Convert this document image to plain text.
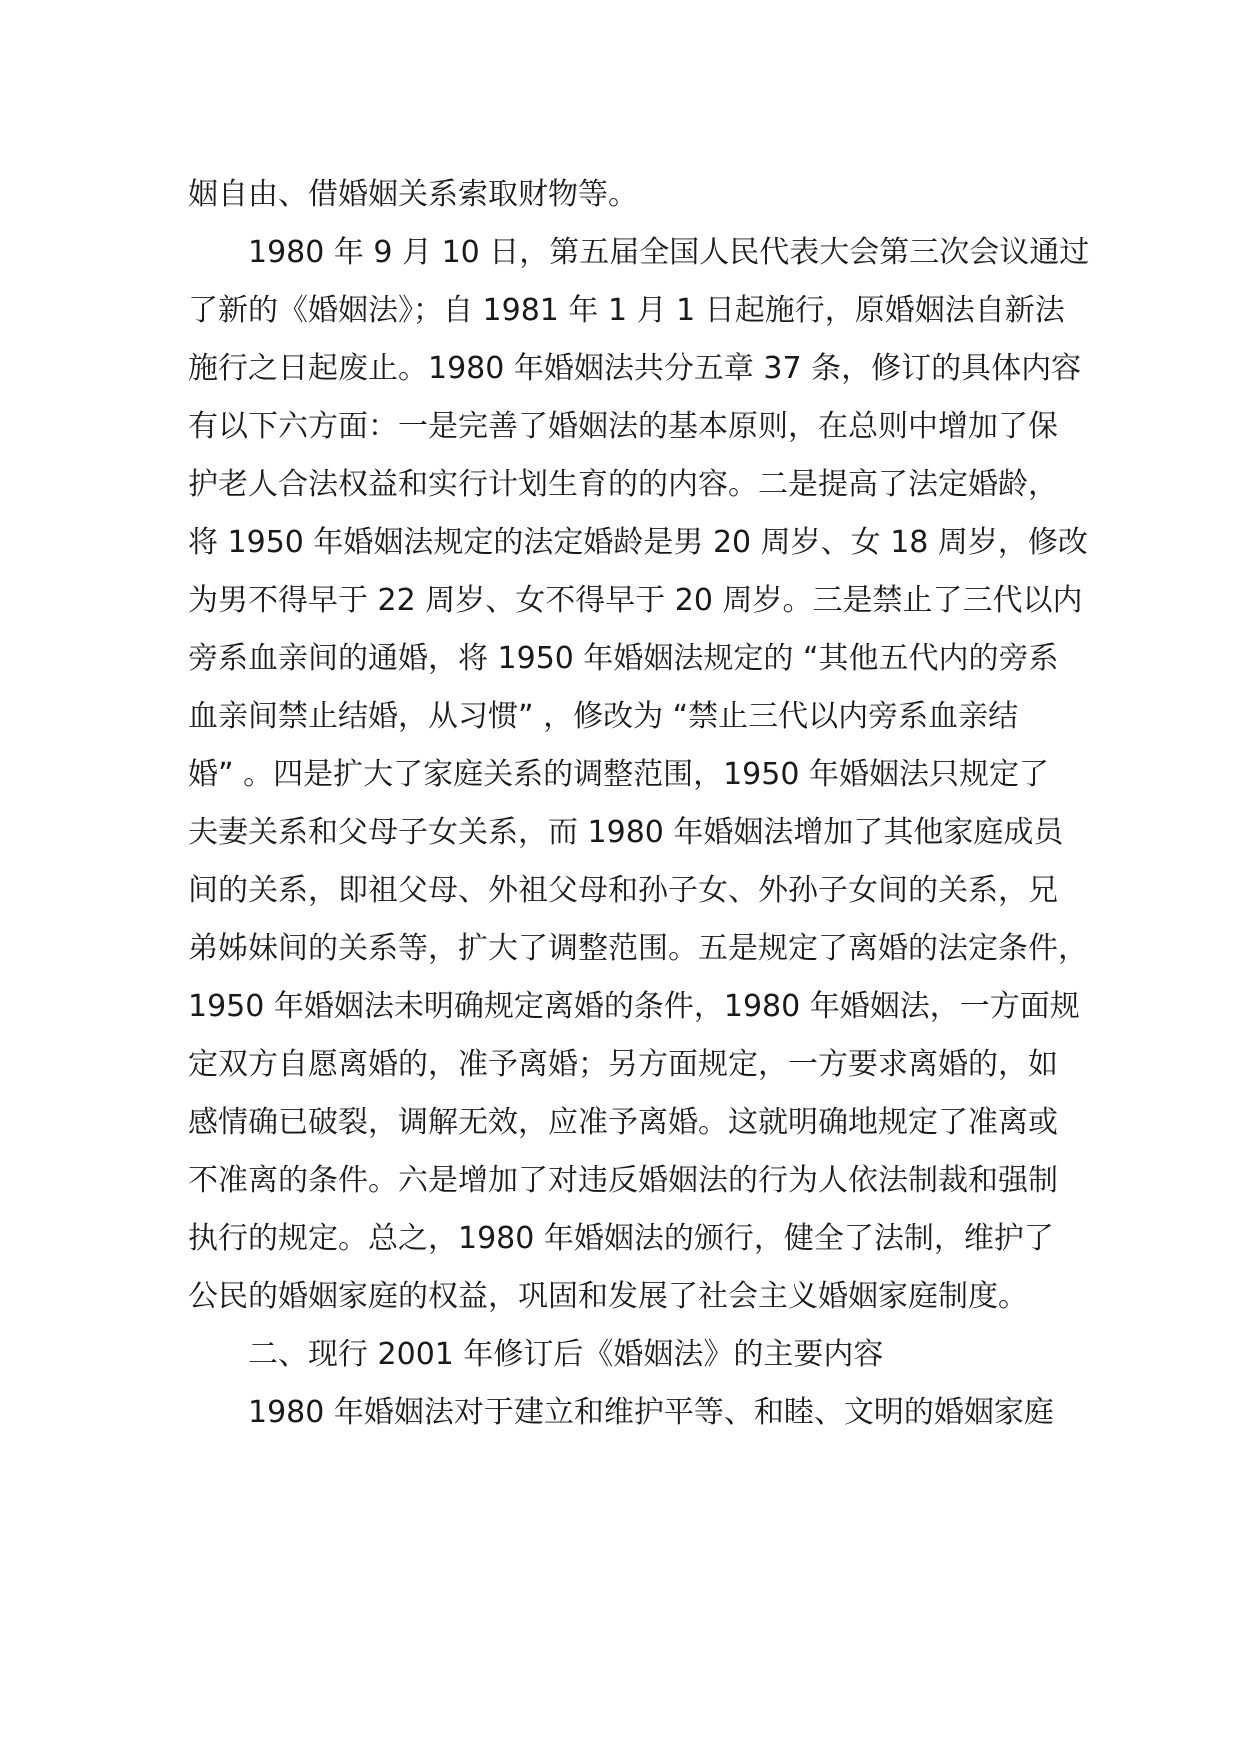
姻自由、借婚姻关系索取财物等。

1980 年 9 月 10 日，第五届全国人民代表大会第三次会议通过

了新的《婚姻法》；自 1981 年 1 月 1 日起施行，原婚姻法自新法

施行之日起废止。1980 年婚姻法共分五章 37 条，修订的具体内容

有以下六方面：一是完善了婚姻法的基本原则，在总则中增加了保

护老人合法权益和实行计划生育的的内容。二是提高了法定婚龄，

将 1950 年婚姻法规定的法定婚龄是男 20 周岁、女 18 周岁，修改

为男不得早于 22 周岁、女不得早于 20 周岁。三是禁止了三代以内

旁系血亲间的通婚，将 1950 年婚姻法规定的 “其他五代内的旁系

血亲间禁止结婚，从习惯” ，修改为 “禁止三代以内旁系血亲结

婚” 。四是扩大了家庭关系的调整范围，1950 年婚姻法只规定了

夫妻关系和父母子女关系，而 1980 年婚姻法增加了其他家庭成员

间的关系，即祖父母、外祖父母和孙子女、外孙子女间的关系，兄

弟姊妹间的关系等，扩大了调整范围。五是规定了离婚的法定条件，

1950 年婚姻法未明确规定离婚的条件，1980 年婚姻法，一方面规

定双方自愿离婚的，准予离婚；另方面规定，一方要求离婚的，如

感情确已破裂，调解无效，应准予离婚。这就明确地规定了准离或

不准离的条件。六是增加了对违反婚姻法的行为人依法制裁和强制

执行的规定。总之，1980 年婚姻法的颁行，健全了法制，维护了

公民的婚姻家庭的权益，巩固和发展了社会主义婚姻家庭制度。

二、现行 2001 年修订后《婚姻法》的主要内容

1980 年婚姻法对于建立和维护平等、和睦、文明的婚姻家庭
